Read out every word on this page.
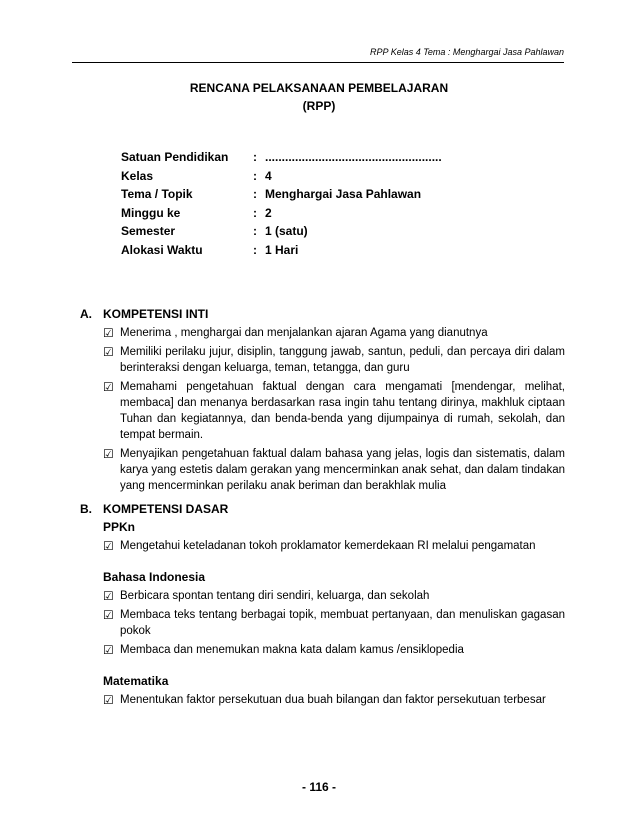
RPP Kelas 4 Tema : Menghargai Jasa Pahlawan
RENCANA PELAKSANAAN PEMBELAJARAN
(RPP)
Satuan Pendidikan	: .....................................................
Kelas	: 4
Tema / Topik	: Menghargai Jasa Pahlawan
Minggu ke	: 2
Semester	: 1 (satu)
Alokasi Waktu	: 1 Hari
A. KOMPETENSI INTI
☑ Menerima , menghargai dan menjalankan ajaran Agama yang dianutnya
☑ Memiliki perilaku jujur, disiplin, tanggung jawab, santun, peduli, dan percaya diri dalam berinteraksi dengan keluarga, teman, tetangga, dan guru
☑ Memahami pengetahuan faktual dengan cara mengamati [mendengar, melihat, membaca] dan menanya berdasarkan rasa ingin tahu tentang dirinya, makhluk ciptaan Tuhan dan kegiatannya, dan benda-benda yang dijumpainya di rumah, sekolah, dan tempat bermain.
☑ Menyajikan pengetahuan faktual dalam bahasa yang jelas, logis dan sistematis, dalam karya yang estetis dalam gerakan yang mencerminkan anak sehat, dan dalam tindakan yang mencerminkan perilaku anak beriman dan berakhlak mulia
B. KOMPETENSI DASAR
PPKn
☑ Mengetahui keteladanan tokoh proklamator kemerdekaan RI melalui pengamatan
Bahasa Indonesia
☑ Berbicara spontan tentang diri sendiri, keluarga, dan sekolah
☑ Membaca teks tentang berbagai topik, membuat pertanyaan, dan menuliskan gagasan pokok
☑ Membaca dan menemukan makna kata dalam kamus /ensiklopedia
Matematika
☑ Menentukan faktor persekutuan dua buah bilangan dan faktor persekutuan terbesar
- 116 -
